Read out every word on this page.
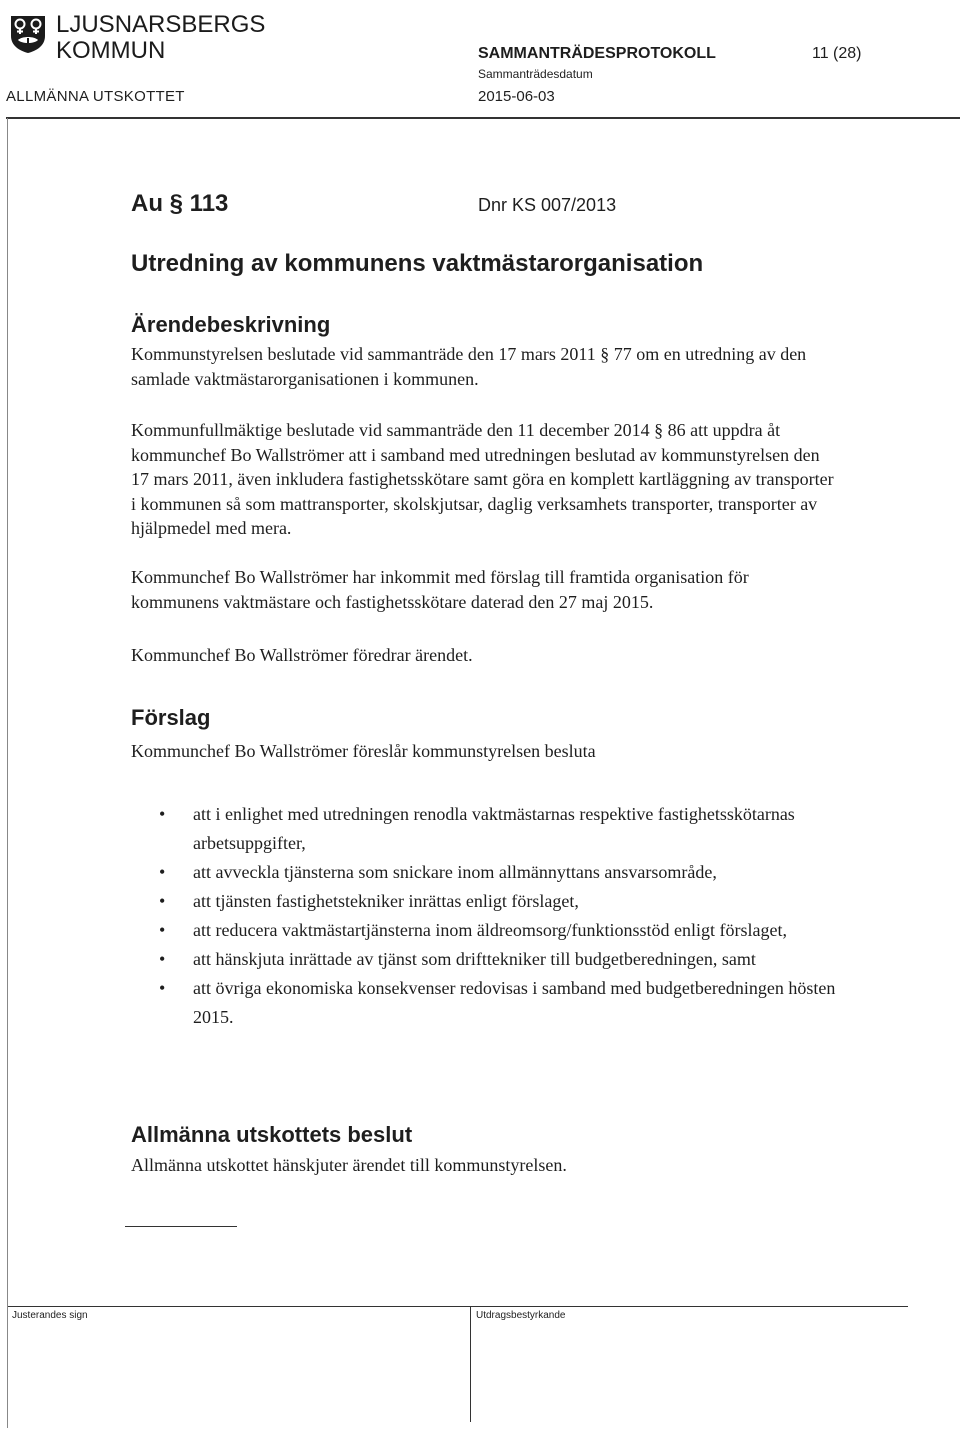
LJUSNARSBERGS
KOMMUN
ALLMÄNNA UTSKOTTET
SAMMANTRÄDESPROTOKOLL
Sammanträdesdatum
2015-06-03
11 (28)
Au § 113	Dnr KS 007/2013
Utredning av kommunens vaktmästarorganisation
Ärendebeskrivning

Kommunstyrelsen beslutade vid sammanträde den 17 mars 2011 § 77 om en utredning av den samlade vaktmästarorganisationen i kommunen.

Kommunfullmäktige beslutade vid sammanträde den 11 december 2014 § 86 att uppdra åt kommunchef Bo Wallströmer att i samband med utredningen beslutad av kommunstyrelsen den 17 mars 2011, även inkludera fastighetsskötare samt göra en komplett kartläggning av transporter i kommunen så som mattransporter, skolskjutsar, daglig verksamhets transporter, transporter av hjälpmedel med mera.

Kommunchef Bo Wallströmer har inkommit med förslag till framtida organisation för kommunens vaktmästare och fastighetsskötare daterad den 27 maj 2015.

Kommunchef Bo Wallströmer föredrar ärendet.

Förslag

Kommunchef Bo Wallströmer föreslår kommunstyrelsen besluta

• att i enlighet med utredningen renodla vaktmästarnas respektive fastighetsskötarnas arbetsuppgifter,
• att avveckla tjänsterna som snickare inom allmännyttans ansvarsområde,
• att tjänsten fastighetstekniker inrättas enligt förslaget,
• att reducera vaktmästartjänsterna inom äldreomsorg/funktionsstöd enligt förslaget,
• att hänskjuta inrättade av tjänst som drifttekniker till budgetberedningen, samt
• att övriga ekonomiska konsekvenser redovisas i samband med budgetberedningen hösten 2015.
Allmänna utskottets beslut

Allmänna utskottet hänskjuter ärendet till kommunstyrelsen.

Justerandes sign	Utdragsbestyrkande
